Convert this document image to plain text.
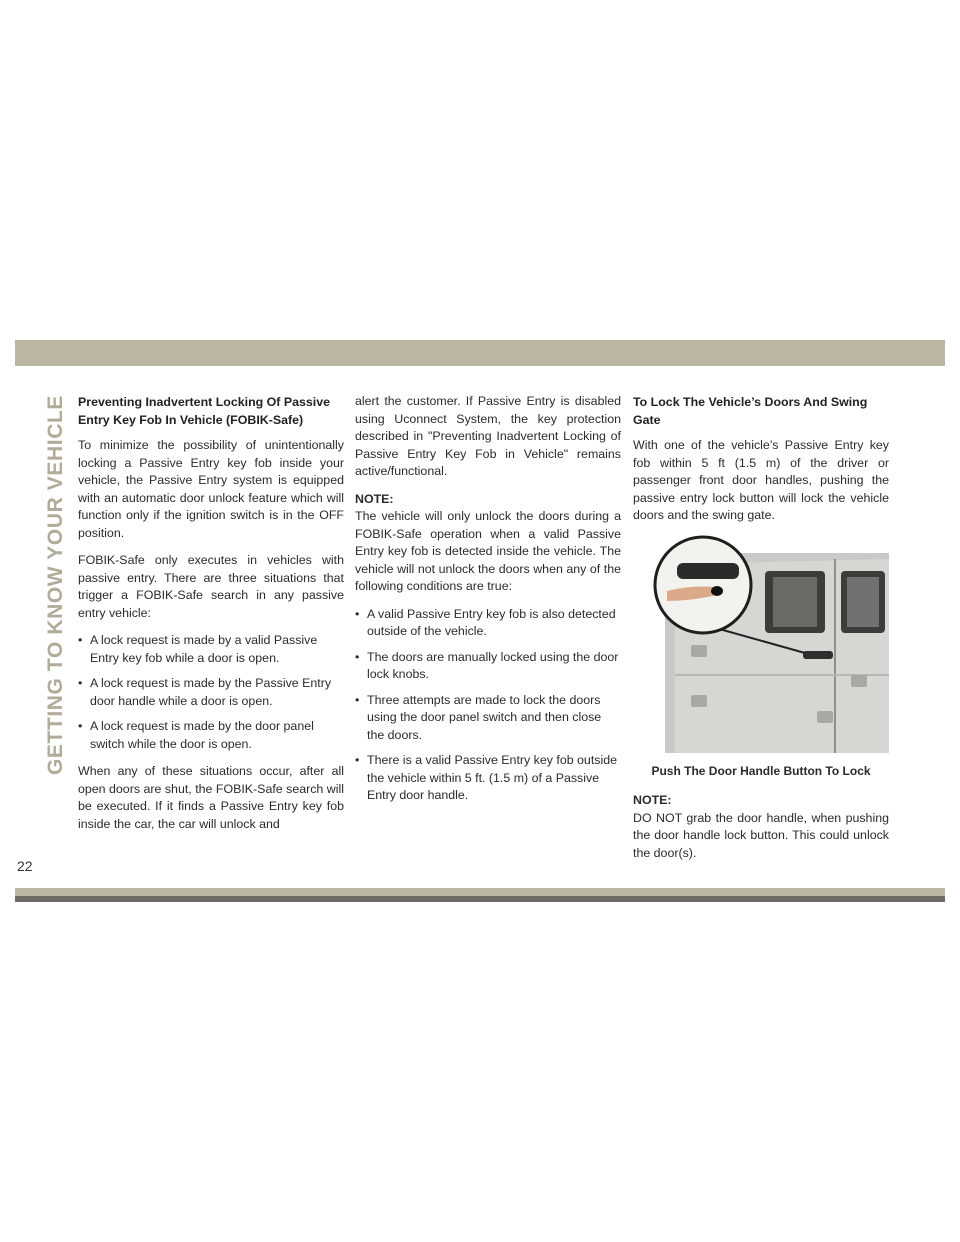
GETTING TO KNOW YOUR VEHICLE Preventing Inadvertent Locking Of Passive Entry Key Fob In Vehicle (FOBIK-Safe)

To minimize the possibility of unintentionally locking a Passive Entry key fob inside your vehicle, the Passive Entry system is equipped with an automatic door unlock feature which will function only if the ignition switch is in the OFF position.

FOBIK-Safe only executes in vehicles with passive entry. There are three situations that trigger a FOBIK-Safe search in any passive entry vehicle:

• A lock request is made by a valid Passive Entry key fob while a door is open.
• A lock request is made by the Passive Entry door handle while a door is open.
• A lock request is made by the door panel switch while the door is open.

When any of these situations occur, after all open doors are shut, the FOBIK-Safe search will be executed. If it finds a Passive Entry key fob inside the car, the car will unlock and

alert the customer. If Passive Entry is disabled using Uconnect System, the key protection described in "Preventing Inadvertent Locking of Passive Entry Key Fob in Vehicle" remains active/functional.

NOTE:

The vehicle will only unlock the doors during a FOBIK-Safe operation when a valid Passive Entry key fob is detected inside the vehicle. The vehicle will not unlock the doors when any of the following conditions are true:

• A valid Passive Entry key fob is also detected outside of the vehicle.
• The doors are manually locked using the door lock knobs.
• Three attempts are made to lock the doors using the door panel switch and then close the doors.
• There is a valid Passive Entry key fob outside the vehicle within 5 ft. (1.5 m) of a Passive Entry door handle.
To Lock The Vehicle’s Doors And Swing Gate

With one of the vehicle’s Passive Entry key fob within 5 ft (1.5 m) of the driver or passenger front door handles, pushing the passive entry lock button will lock the vehicle doors and the swing gate.

Push The Door Handle Button To Lock
NOTE:

DO NOT grab the door handle, when pushing the door handle lock button. This could unlock the door(s).

22
